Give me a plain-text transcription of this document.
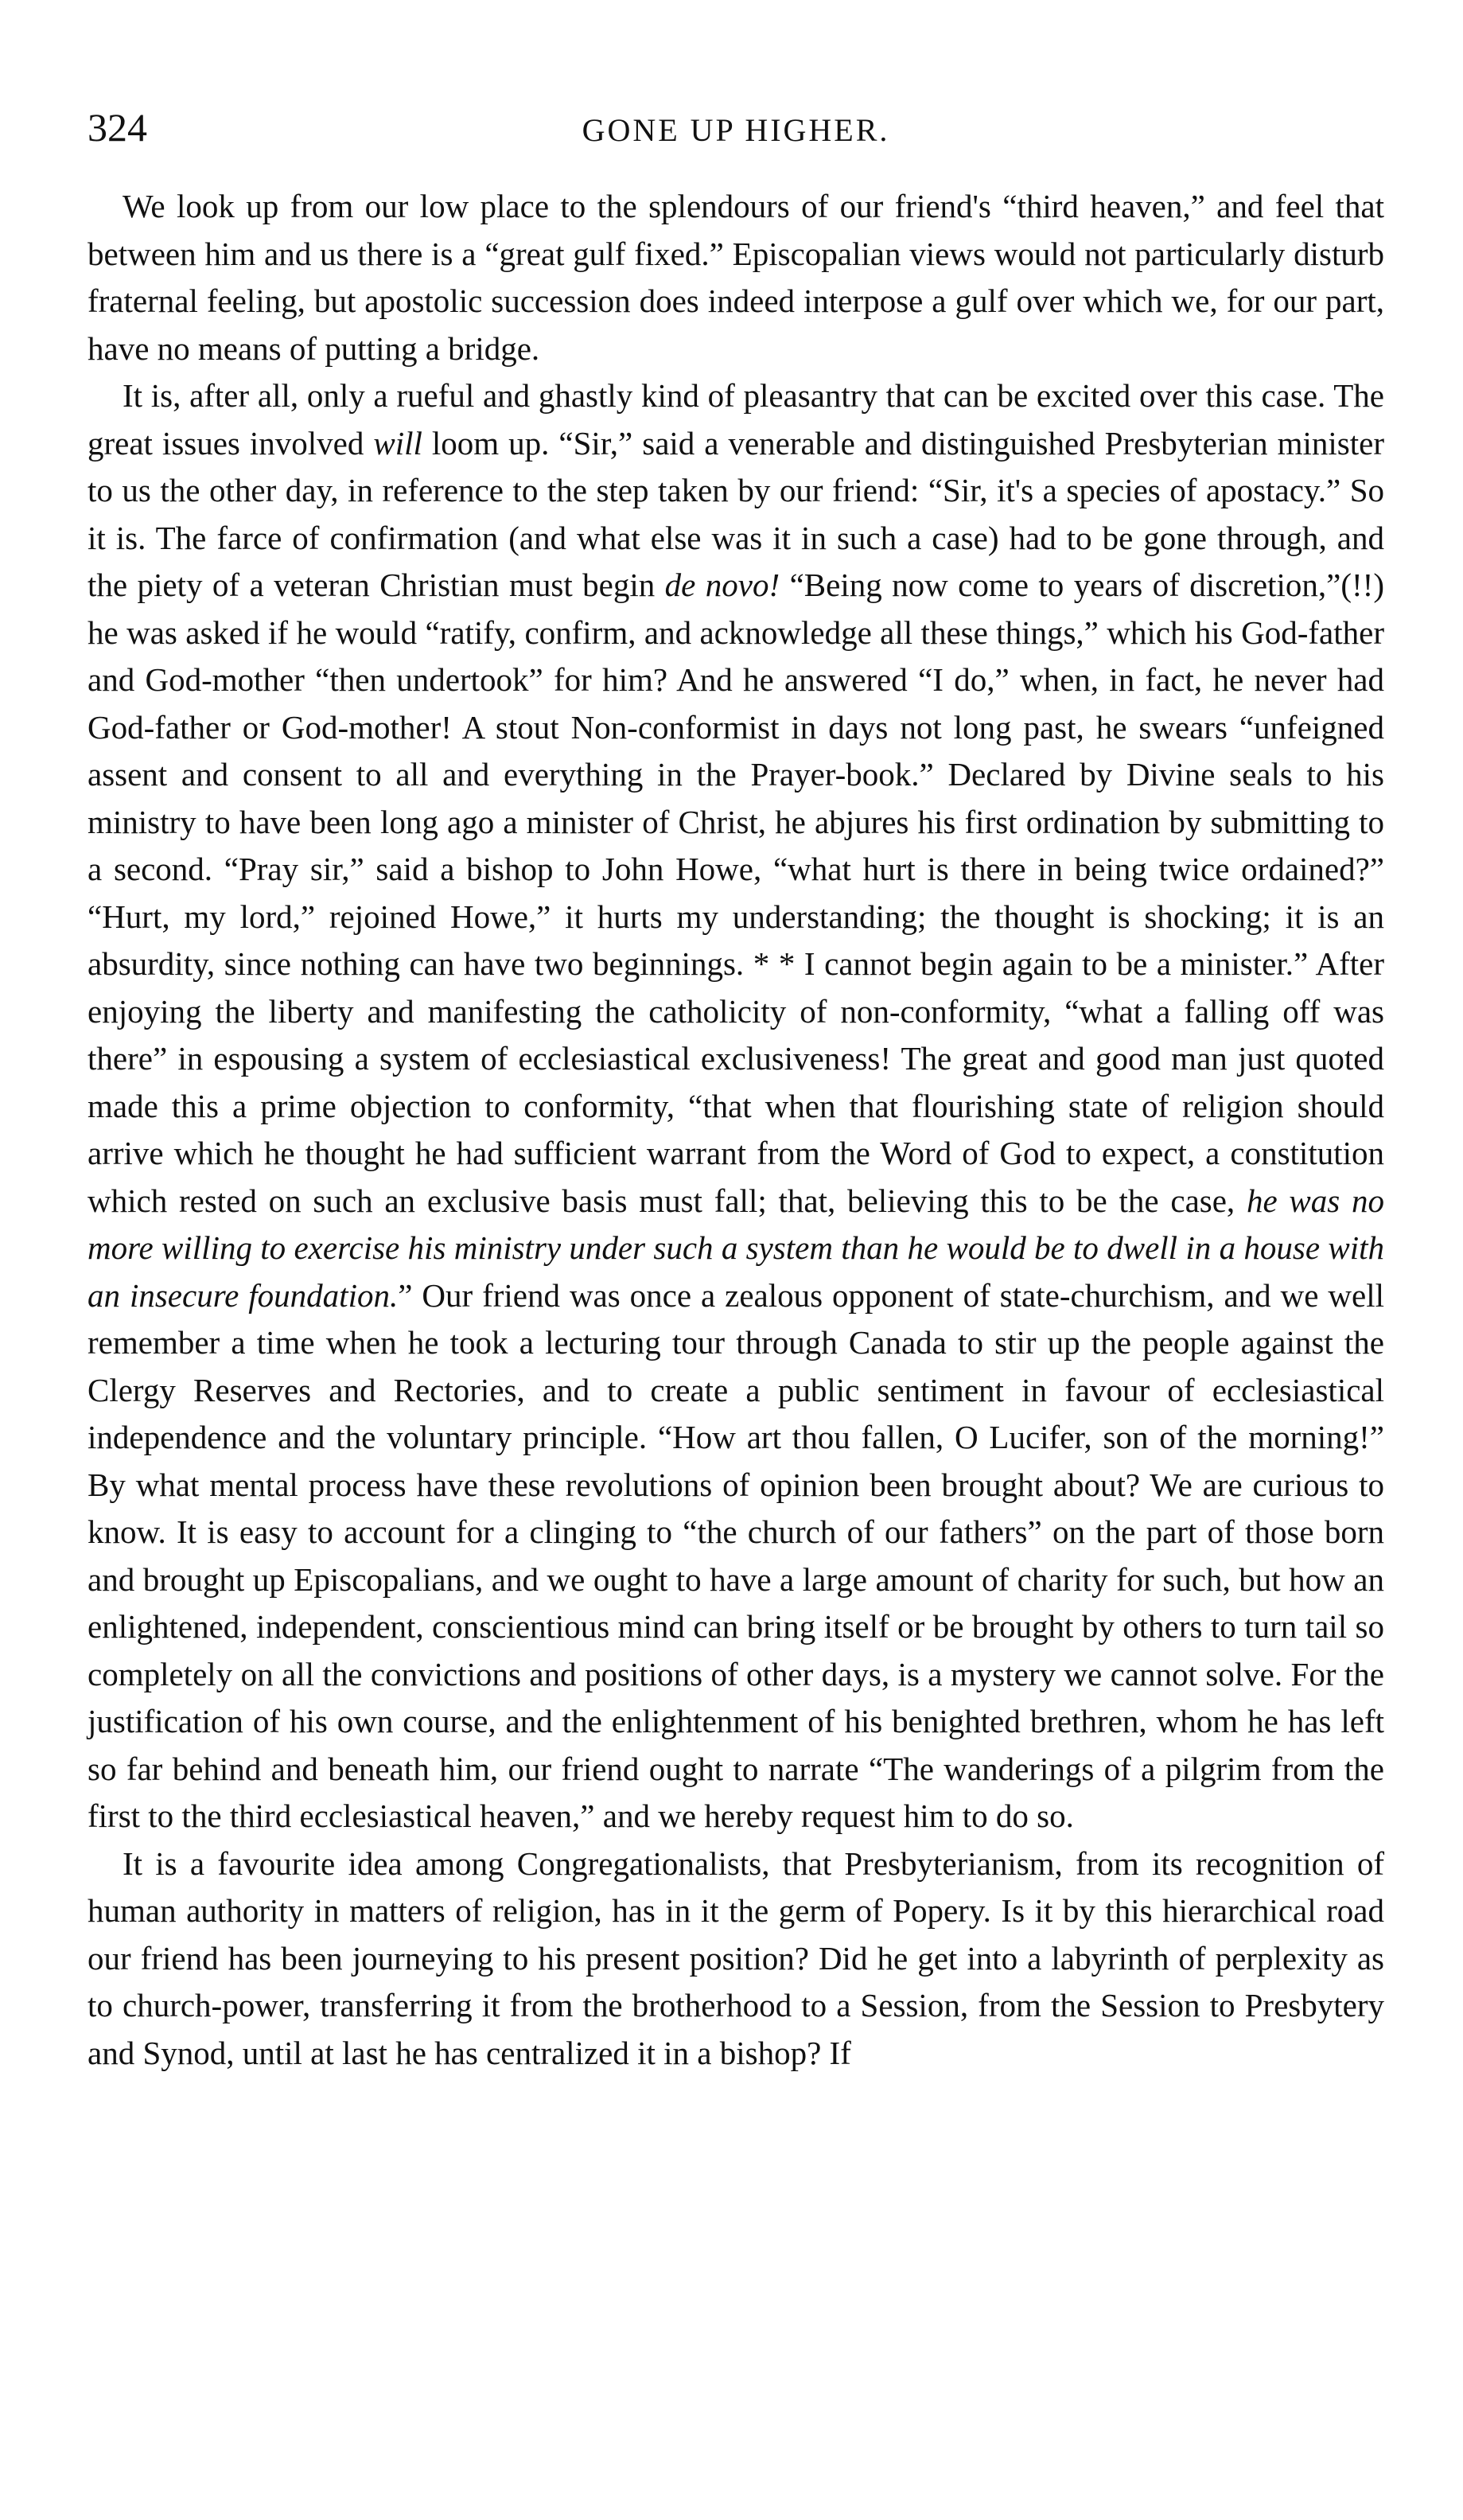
324	GONE UP HIGHER.

We look up from our low place to the splendours of our friend's “third heaven,” and feel that between him and us there is a “great gulf fixed.” Episcopalian views would not particularly disturb fraternal feeling, but apostolic succession does indeed interpose a gulf over which we, for our part, have no means of putting a bridge.

It is, after all, only a rueful and ghastly kind of pleasantry that can be excited over this case. The great issues involved will loom up. “Sir,” said a venerable and distinguished Presbyterian minister to us the other day, in reference to the step taken by our friend: “Sir, it's a species of apostacy.” So it is. The farce of confirmation (and what else was it in such a case) had to be gone through, and the piety of a veteran Christian must begin de novo! “Being now come to years of discretion,”(!!) he was asked if he would “ratify, confirm, and acknowledge all these things,” which his God-father and God-mother “then undertook” for him? And he answered “I do,” when, in fact, he never had God-father or God-mother! A stout Non-conformist in days not long past, he swears “unfeigned assent and consent to all and everything in the Prayer-book.” Declared by Divine seals to his ministry to have been long ago a minister of Christ, he abjures his first ordination by submitting to a second. “Pray sir,” said a bishop to John Howe, “what hurt is there in being twice ordained?” “Hurt, my lord,” rejoined Howe,” it hurts my understanding; the thought is shocking; it is an absurdity, since nothing can have two beginnings. * * I cannot begin again to be a minister.” After enjoying the liberty and manifesting the catholicity of non-conformity, “what a falling off was there” in espousing a system of ecclesiastical exclusiveness! The great and good man just quoted made this a prime objection to conformity, “that when that flourishing state of religion should arrive which he thought he had sufficient warrant from the Word of God to expect, a constitution which rested on such an exclusive basis must fall; that, believing this to be the case, he was no more willing to exercise his ministry under such a system than he would be to dwell in a house with an insecure foundation.” Our friend was once a zealous opponent of state-churchism, and we well remember a time when he took a lecturing tour through Canada to stir up the people against the Clergy Reserves and Rectories, and to create a public sentiment in favour of ecclesiastical independence and the voluntary principle. “How art thou fallen, O Lucifer, son of the morning!” By what mental process have these revolutions of opinion been brought about? We are curious to know. It is easy to account for a clinging to “the church of our fathers” on the part of those born and brought up Episcopalians, and we ought to have a large amount of charity for such, but how an enlightened, independent, conscientious mind can bring itself or be brought by others to turn tail so completely on all the convictions and positions of other days, is a mystery we cannot solve. For the justification of his own course, and the enlightenment of his benighted brethren, whom he has left so far behind and beneath him, our friend ought to narrate “The wanderings of a pilgrim from the first to the third ecclesiastical heaven,” and we hereby request him to do so.

It is a favourite idea among Congregationalists, that Presbyterianism, from its recognition of human authority in matters of religion, has in it the germ of Popery. Is it by this hierarchical road our friend has been journeying to his present position? Did he get into a labyrinth of perplexity as to church-power, transferring it from the brotherhood to a Session, from the Session to Presbytery and Synod, until at last he has centralized it in a bishop? If
